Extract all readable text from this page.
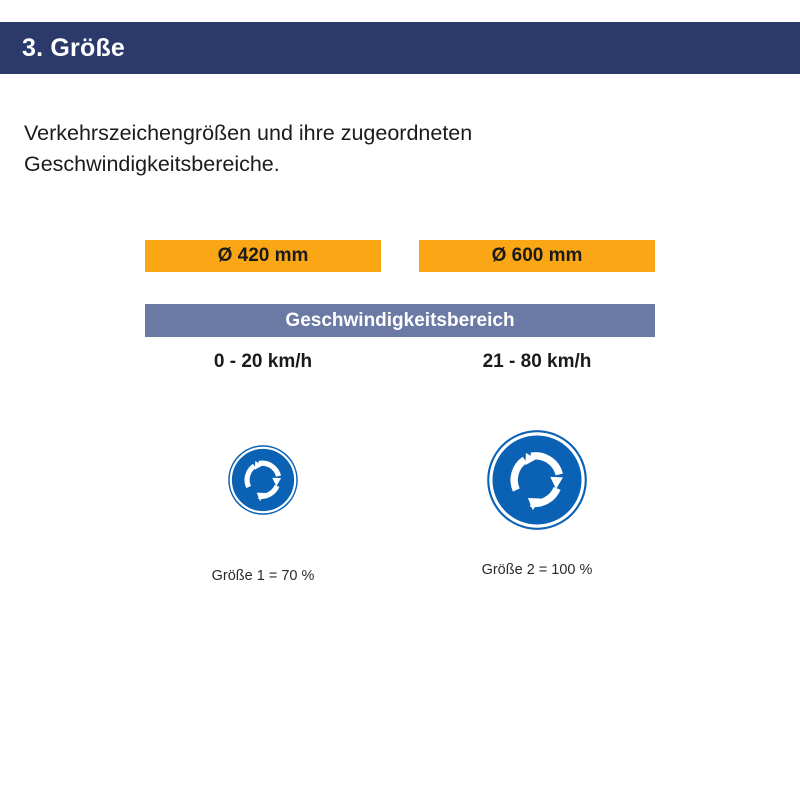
3. Größe
Verkehrszeichengrößen und ihre zugeordneten
Geschwindigkeitsbereiche.
Ø 420 mm	Ø 600 mm
Geschwindigkeitsbereich
0 - 20 km/h	21 - 80 km/h
Größe 1 = 70 %	Größe 2 = 100 %
